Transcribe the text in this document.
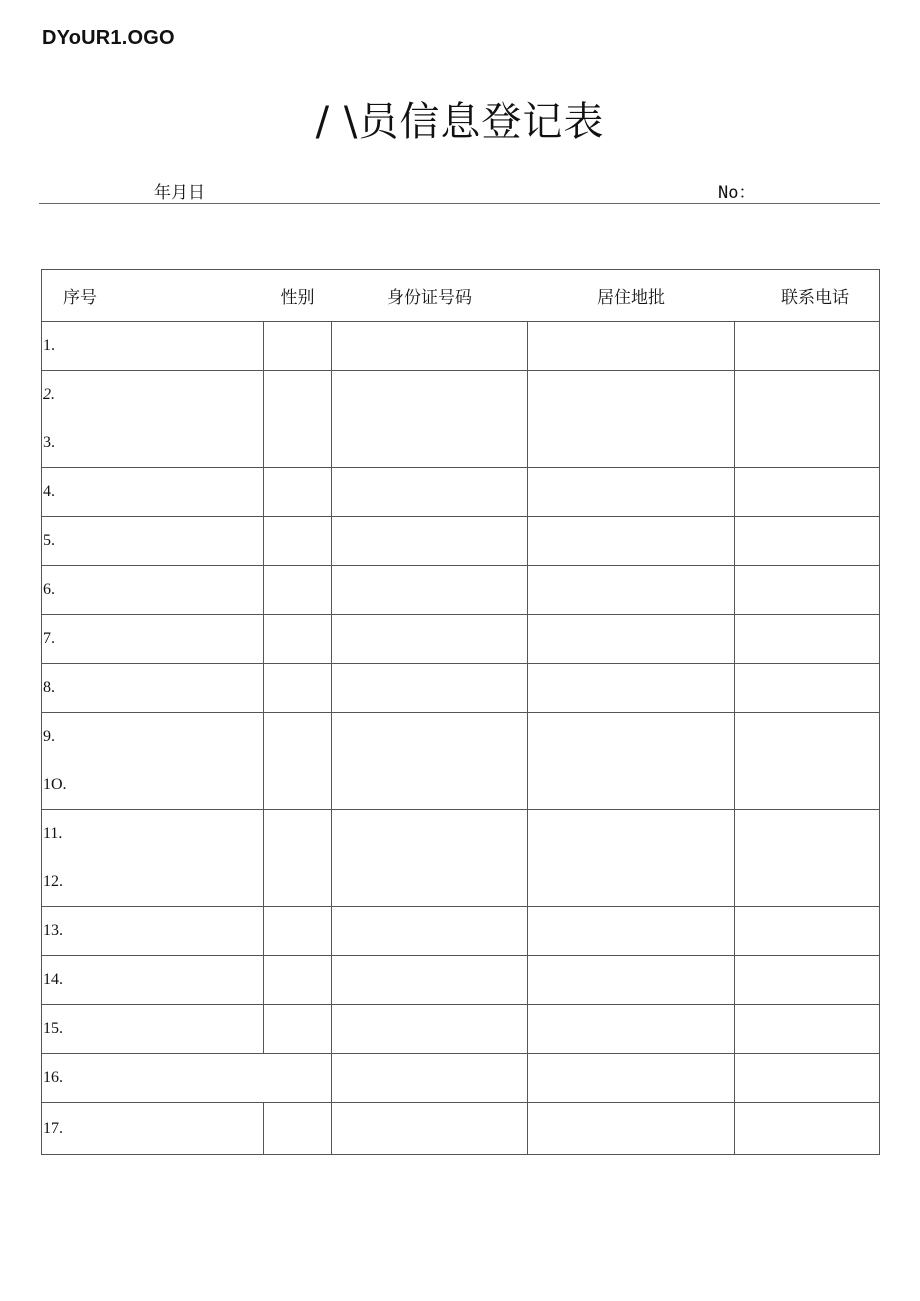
DYoUR1.OGO
/ \员信息登记表
年月日	No：
序号	性别	身份证号码	居住地批	联系电话

1.				

2.
3.				

4.				

5.				

6.				

7.				

8.				

9.
1O.				

11.
12.				

13.				

14.				

15.				

16.				

17.				
